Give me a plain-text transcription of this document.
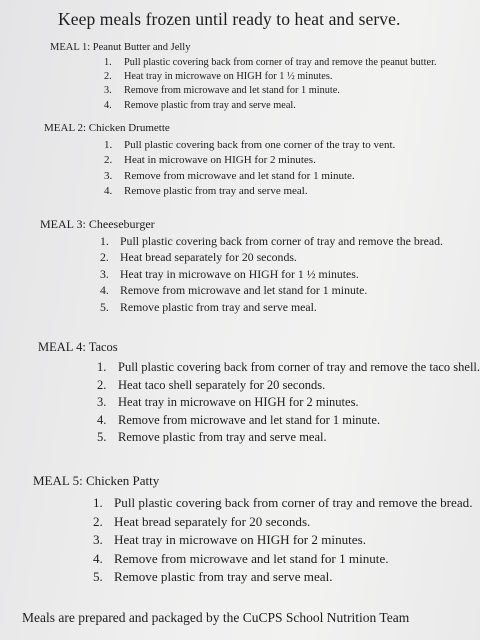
Keep meals frozen until ready to heat and serve.
MEAL 1: Peanut Butter and Jelly
1.	Pull plastic covering back from corner of tray and remove the peanut butter.
2.	Heat tray in microwave on HIGH for 1 ½ minutes.
3.	Remove from microwave and let stand for 1 minute.
4.	Remove plastic from tray and serve meal.
MEAL 2: Chicken Drumette
1.	Pull plastic covering back from one corner of the tray to vent.
2.	Heat in microwave on HIGH for 2 minutes.
3.	Remove from microwave and let stand for 1 minute.
4.	Remove plastic from tray and serve meal.
MEAL 3: Cheeseburger
1. Pull plastic covering back from corner of tray and remove the bread.
2. Heat bread separately for 20 seconds.
3. Heat tray in microwave on HIGH for 1 ½ minutes.
4. Remove from microwave and let stand for 1 minute.
5. Remove plastic from tray and serve meal.
MEAL 4: Tacos
1. Pull plastic covering back from corner of tray and remove the taco shell.
2. Heat taco shell separately for 20 seconds.
3. Heat tray in microwave on HIGH for 2 minutes.
4. Remove from microwave and let stand for 1 minute.
5. Remove plastic from tray and serve meal.
MEAL 5: Chicken Patty
1. Pull plastic covering back from corner of tray and remove the bread.
2. Heat bread separately for 20 seconds.
3. Heat tray in microwave on HIGH for 2 minutes.
4. Remove from microwave and let stand for 1 minute.
5. Remove plastic from tray and serve meal.
Meals are prepared and packaged by the CuCPS School Nutrition Team
